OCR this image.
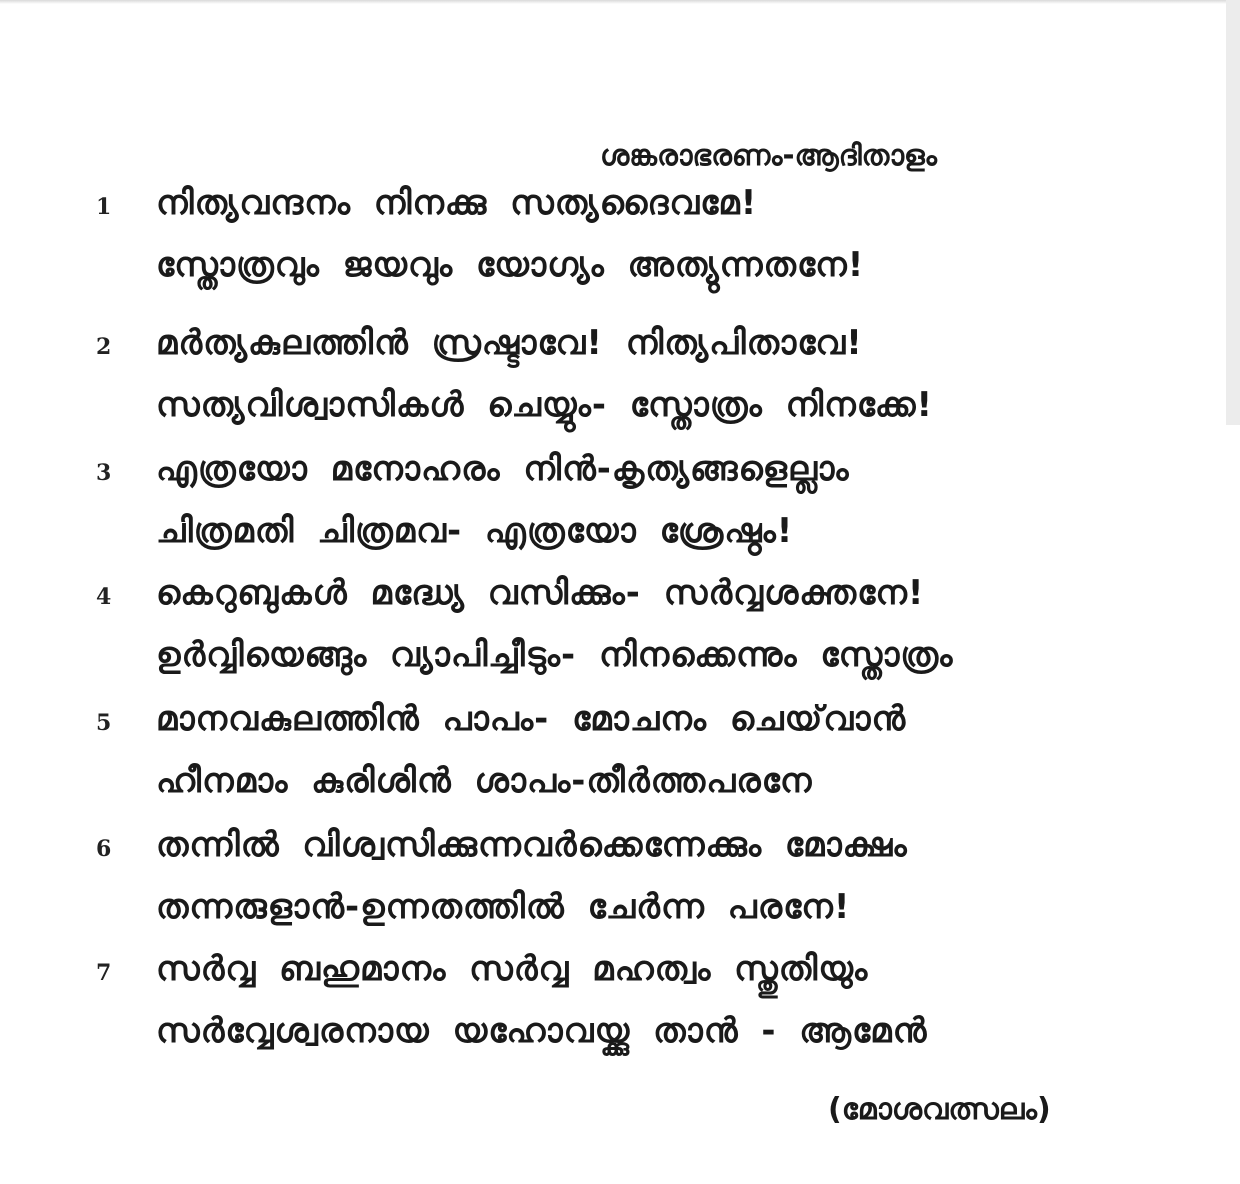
ശങ്കരാഭരണം-ആദിതാളം
1	നിത്യവന്ദനം നിനക്കു സത്യദൈവമേ!
സ്തോത്രവും ജയവും യോഗ്യം അത്യുന്നതനേ!
2	മർത്യകുലത്തിൻ സ്രഷ്ടാവേ! നിത്യപിതാവേ!
സത്യവിശ്വാസികൾ ചെയ്യും- സ്തോത്രം നിനക്കേ!
3	എത്രയോ മനോഹരം നിൻ-കൃത്യങ്ങളെല്ലാം
ചിത്രമതി ചിത്രമവ- എത്രയോ ശ്രേഷ്ഠം!
4	കെറുബുകൾ മദ്ധ്യേ വസിക്കും- സർവ്വശക്തനേ!
ഉർവ്വിയെങ്ങും വ്യാപിച്ചീടും- നിനക്കെന്നും സ്തോത്രം
5	മാനവകുലത്തിൻ പാപം- മോചനം ചെയ്‌വാൻ
ഹീനമാം കുരിശിൻ ശാപം-തീർത്തപരനേ
6	തന്നിൽ വിശ്വസിക്കുന്നവർക്കെന്നേക്കും മോക്ഷം
തന്നരുളാൻ-ഉന്നതത്തിൽ ചേർന്ന പരനേ!
7	സർവ്വ ബഹുമാനം സർവ്വ മഹത്വം സ്തുതിയും
സർവ്വേശ്വരനായ യഹോവയ്ക്കു താൻ - ആമേൻ
(മോശവത്സലം)
